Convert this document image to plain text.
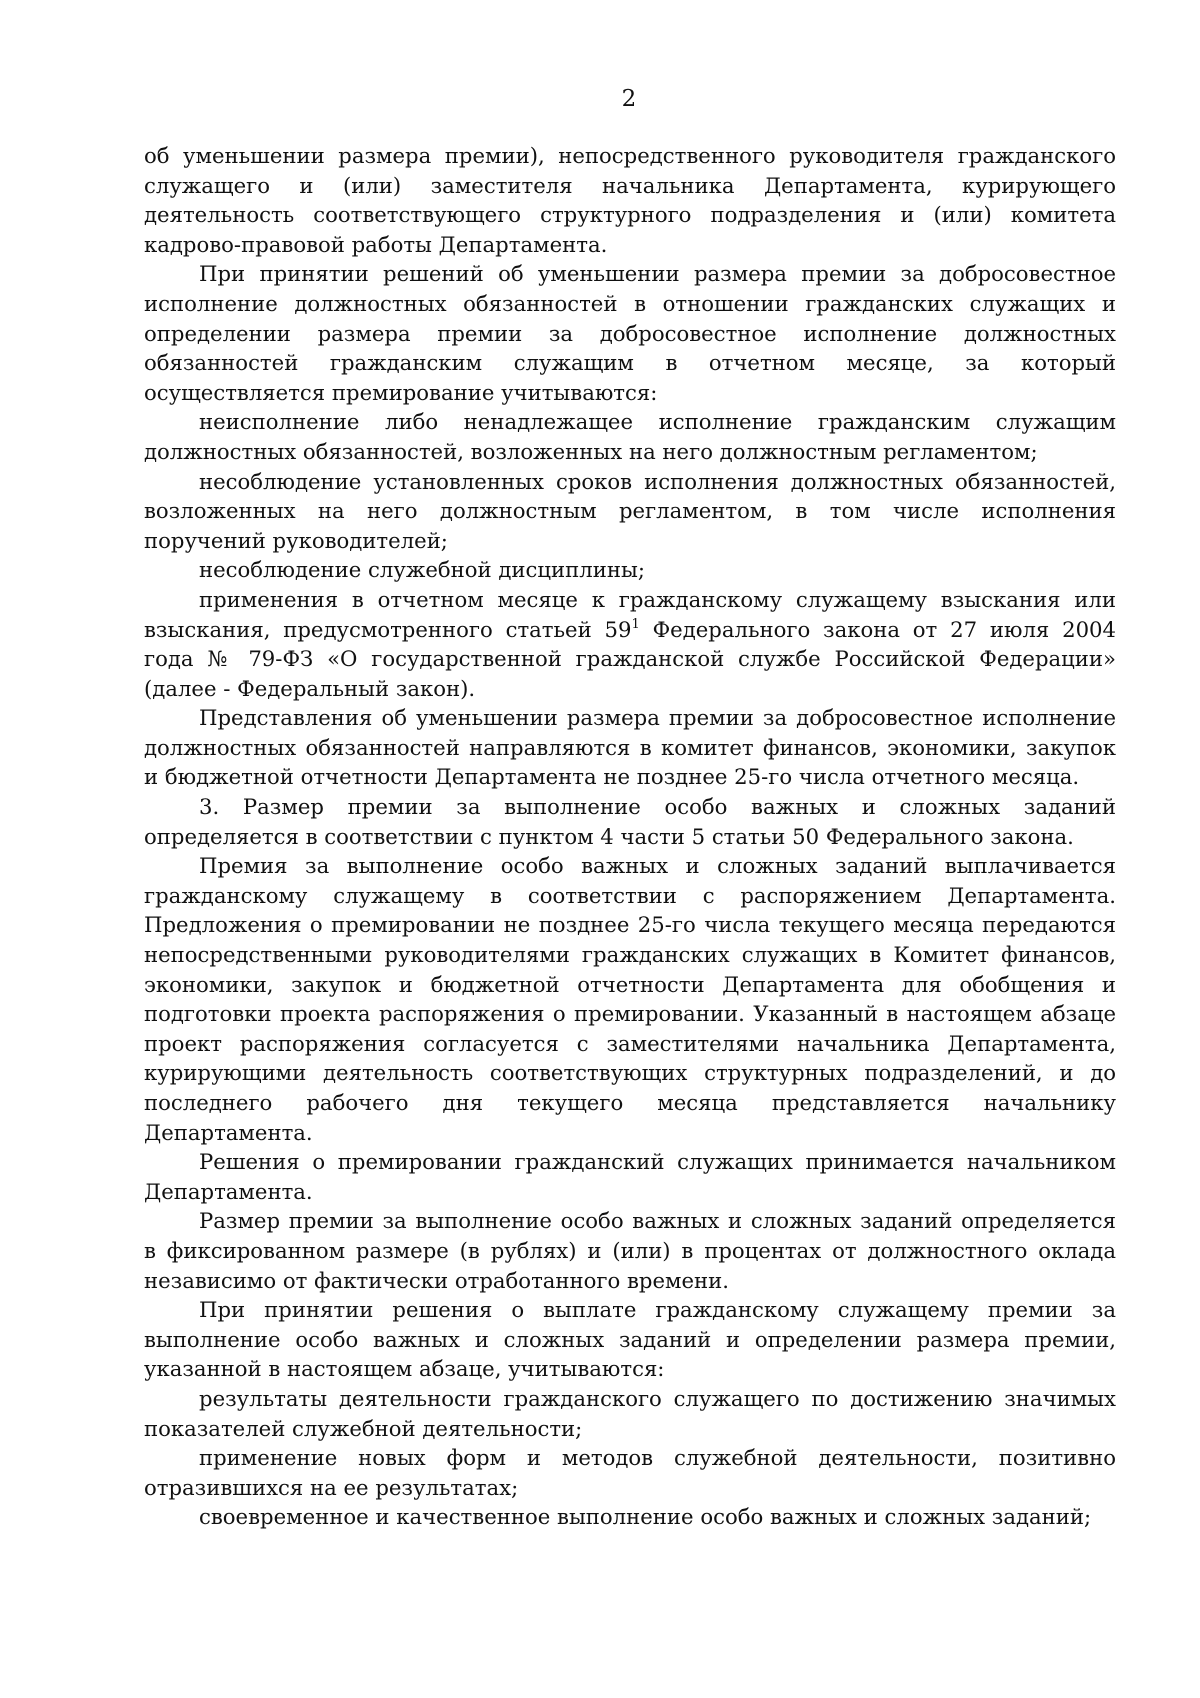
2

об уменьшении размера премии), непосредственного руководителя гражданского служащего и (или) заместителя начальника Департамента, курирующего деятельность соответствующего структурного подразделения и (или) комитета кадрово-правовой работы Департамента.

При принятии решений об уменьшении размера премии за добросовестное исполнение должностных обязанностей в отношении гражданских служащих и определении размера премии за добросовестное исполнение должностных обязанностей гражданским служащим в отчетном месяце, за который осуществляется премирование учитываются:

неисполнение либо ненадлежащее исполнение гражданским служащим должностных обязанностей, возложенных на него должностным регламентом;

несоблюдение установленных сроков исполнения должностных обязанностей, возложенных на него должностным регламентом, в том числе исполнения поручений руководителей;

несоблюдение служебной дисциплины;

применения в отчетном месяце к гражданскому служащему взыскания или взыскания, предусмотренного статьей $59^1$ Федерального закона от 27 июля 2004 года № 79-ФЗ «О государственной гражданской службе Российской Федерации» (далее - Федеральный закон).

Представления об уменьшении размера премии за добросовестное исполнение должностных обязанностей направляются в комитет финансов, экономики, закупок и бюджетной отчетности Департамента не позднее 25-го числа отчетного месяца.

3. Размер премии за выполнение особо важных и сложных заданий определяется в соответствии с пунктом 4 части 5 статьи 50 Федерального закона.

Премия за выполнение особо важных и сложных заданий выплачивается гражданскому служащему в соответствии с распоряжением Департамента. Предложения о премировании не позднее 25-го числа текущего месяца передаются непосредственными руководителями гражданских служащих в Комитет финансов, экономики, закупок и бюджетной отчетности Департамента для обобщения и подготовки проекта распоряжения о премировании. Указанный в настоящем абзаце проект распоряжения согласуется с заместителями начальника Департамента, курирующими деятельность соответствующих структурных подразделений, и до последнего рабочего дня текущего месяца представляется начальнику Департамента.

Решения о премировании гражданский служащих принимается начальником Департамента.

Размер премии за выполнение особо важных и сложных заданий определяется в фиксированном размере (в рублях) и (или) в процентах от должностного оклада независимо от фактически отработанного времени.

При принятии решения о выплате гражданскому служащему премии за выполнение особо важных и сложных заданий и определении размера премии, указанной в настоящем абзаце, учитываются:

результаты деятельности гражданского служащего по достижению значимых показателей служебной деятельности;

применение новых форм и методов служебной деятельности, позитивно отразившихся на ее результатах;

своевременное и качественное выполнение особо важных и сложных заданий;
